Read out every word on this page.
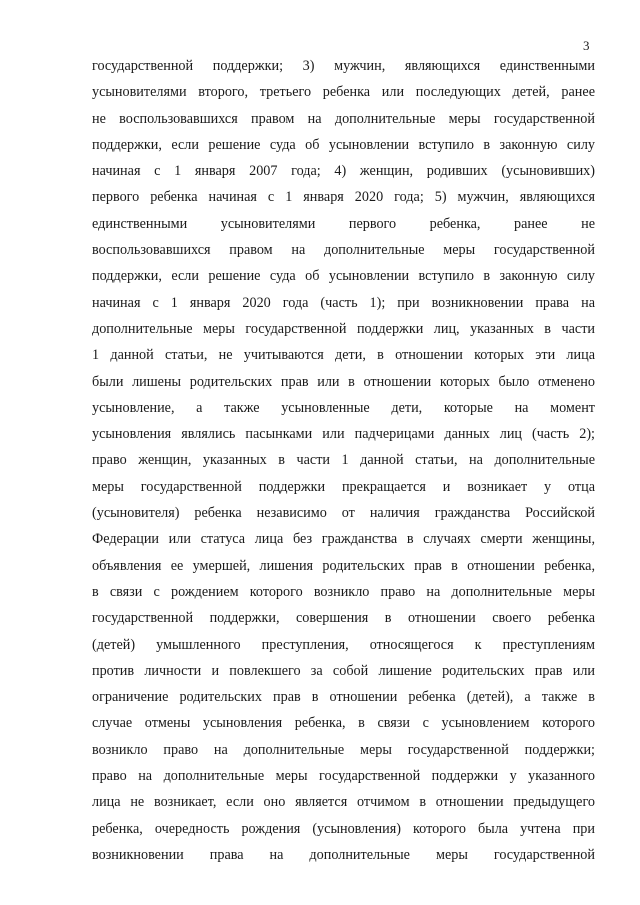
3
государственной поддержки; 3) мужчин, являющихся единственными
усыновителями второго, третьего ребенка или последующих детей, ранее
не воспользовавшихся правом на дополнительные меры государственной
поддержки, если решение суда об усыновлении вступило в законную силу
начиная с 1 января 2007 года; 4) женщин, родивших (усыновивших)
первого ребенка начиная с 1 января 2020 года; 5) мужчин, являющихся
единственными усыновителями первого ребенка, ранее не
воспользовавшихся правом на дополнительные меры государственной
поддержки, если решение суда об усыновлении вступило в законную силу
начиная с 1 января 2020 года (часть 1); при возникновении права на
дополнительные меры государственной поддержки лиц, указанных в части
1 данной статьи, не учитываются дети, в отношении которых эти лица
были лишены родительских прав или в отношении которых было отменено
усыновление, а также усыновленные дети, которые на момент
усыновления являлись пасынками или падчерицами данных лиц (часть 2);
право женщин, указанных в части 1 данной статьи, на дополнительные
меры государственной поддержки прекращается и возникает у отца
(усыновителя) ребенка независимо от наличия гражданства Российской
Федерации или статуса лица без гражданства в случаях смерти женщины,
объявления ее умершей, лишения родительских прав в отношении ребенка,
в связи с рождением которого возникло право на дополнительные меры
государственной поддержки, совершения в отношении своего ребенка
(детей) умышленного преступления, относящегося к преступлениям
против личности и повлекшего за собой лишение родительских прав или
ограничение родительских прав в отношении ребенка (детей), а также в
случае отмены усыновления ребенка, в связи с усыновлением которого
возникло право на дополнительные меры государственной поддержки;
право на дополнительные меры государственной поддержки у указанного
лица не возникает, если оно является отчимом в отношении предыдущего
ребенка, очередность рождения (усыновления) которого была учтена при
возникновении права на дополнительные меры государственной
